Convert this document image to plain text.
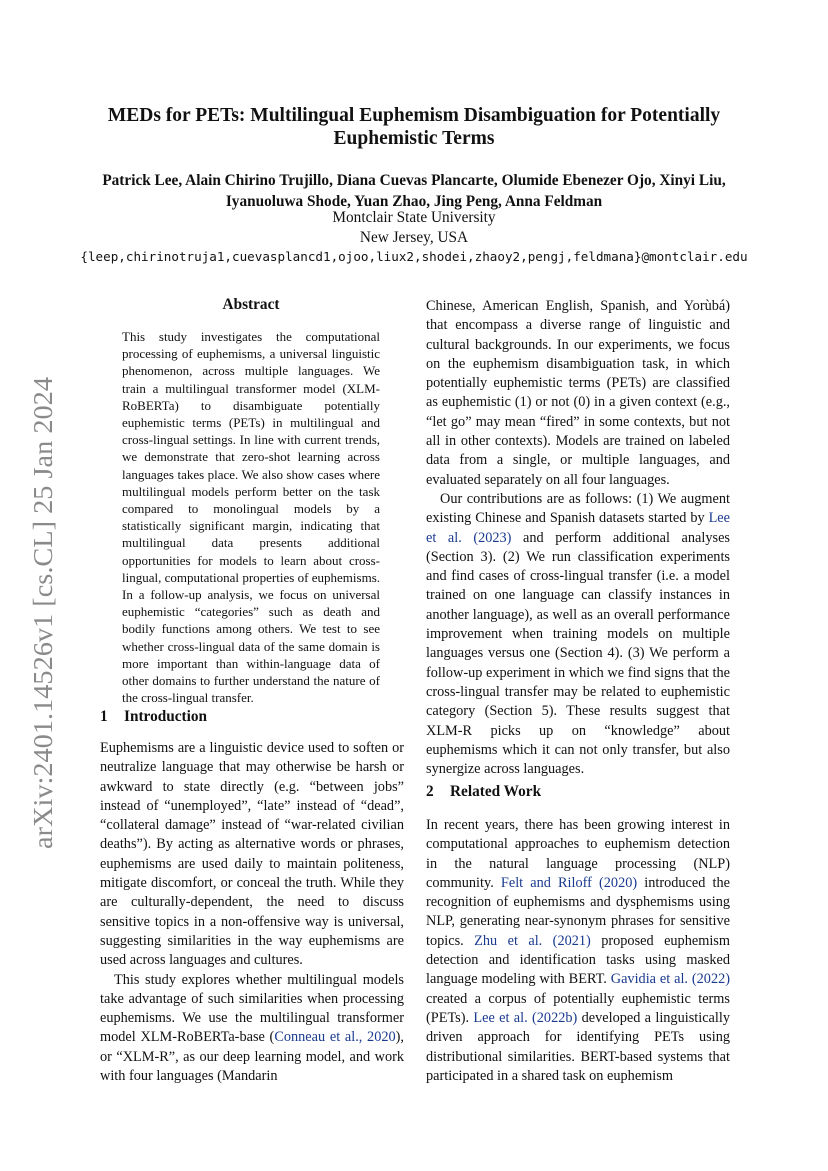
arXiv:2401.14526v1 [cs.CL] 25 Jan 2024
MEDs for PETs: Multilingual Euphemism Disambiguation for Potentially Euphemistic Terms
Patrick Lee, Alain Chirino Trujillo, Diana Cuevas Plancarte, Olumide Ebenezer Ojo, Xinyi Liu,
Iyanuoluwa Shode, Yuan Zhao, Jing Peng, Anna Feldman
Montclair State University
New Jersey, USA
{leep,chirinotruja1,cuevasplancd1,ojoo,liux2,shodei,zhaoy2,pengj,feldmana}@montclair.edu
Abstract

This study investigates the computational processing of euphemisms, a universal linguistic phenomenon, across multiple languages. We train a multilingual transformer model (XLM-RoBERTa) to disambiguate potentially euphemistic terms (PETs) in multilingual and cross-lingual settings. In line with current trends, we demonstrate that zero-shot learning across languages takes place. We also show cases where multilingual models perform better on the task compared to monolingual models by a statistically significant margin, indicating that multilingual data presents additional opportunities for models to learn about cross-lingual, computational properties of euphemisms. In a follow-up analysis, we focus on universal euphemistic “categories” such as death and bodily functions among others. We test to see whether cross-lingual data of the same domain is more important than within-language data of other domains to further understand the nature of the cross-lingual transfer.

1 Introduction

Euphemisms are a linguistic device used to soften or neutralize language that may otherwise be harsh or awkward to state directly (e.g. “between jobs” instead of “unemployed”, “late” instead of “dead”, “collateral damage” instead of “war-related civilian deaths”). By acting as alternative words or phrases, euphemisms are used daily to maintain politeness, mitigate discomfort, or conceal the truth. While they are culturally-dependent, the need to discuss sensitive topics in a non-offensive way is universal, suggesting similarities in the way euphemisms are used across languages and cultures.

This study explores whether multilingual models take advantage of such similarities when processing euphemisms. We use the multilingual transformer model XLM-RoBERTa-base (Conneau et al., 2020), or “XLM-R”, as our deep learning model, and work with four languages (Mandarin

Chinese, American English, Spanish, and Yorùbá) that encompass a diverse range of linguistic and cultural backgrounds. In our experiments, we focus on the euphemism disambiguation task, in which potentially euphemistic terms (PETs) are classified as euphemistic (1) or not (0) in a given context (e.g., “let go” may mean “fired” in some contexts, but not all in other contexts). Models are trained on labeled data from a single, or multiple languages, and evaluated separately on all four languages.

Our contributions are as follows: (1) We augment existing Chinese and Spanish datasets started by Lee et al. (2023) and perform additional analyses (Section 3). (2) We run classification experiments and find cases of cross-lingual transfer (i.e. a model trained on one language can classify instances in another language), as well as an overall performance improvement when training models on multiple languages versus one (Section 4). (3) We perform a follow-up experiment in which we find signs that the cross-lingual transfer may be related to euphemistic category (Section 5). These results suggest that XLM-R picks up on “knowledge” about euphemisms which it can not only transfer, but also synergize across languages.

2 Related Work

In recent years, there has been growing interest in computational approaches to euphemism detection in the natural language processing (NLP) community. Felt and Riloff (2020) introduced the recognition of euphemisms and dysphemisms using NLP, generating near-synonym phrases for sensitive topics. Zhu et al. (2021) proposed euphemism detection and identification tasks using masked language modeling with BERT. Gavidia et al. (2022) created a corpus of potentially euphemistic terms (PETs). Lee et al. (2022b) developed a linguistically driven approach for identifying PETs using distributional similarities. BERT-based systems that participated in a shared task on euphemism
